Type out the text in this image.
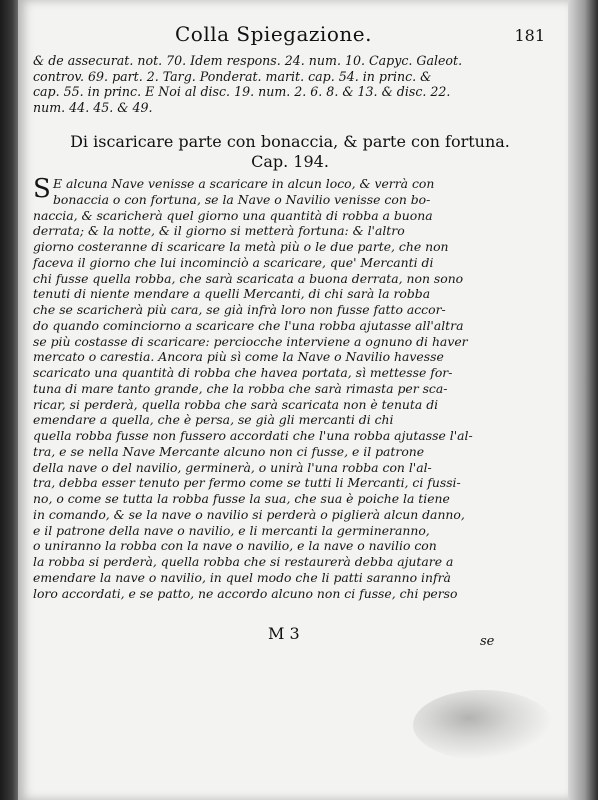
Colla Spiegazione.	181
& de assecurat. not. 70. Idem respons. 24. num. 10. Capyc. Galeot.
controv. 69. part. 2. Targ. Ponderat. marit. cap. 54. in princ. &
cap. 55. in princ. E Noi al disc. 19. num. 2. 6. 8. & 13. & disc. 22.
num. 44. 45. & 49.
Di iscaricare parte con bonaccia, & parte con fortuna.
Cap. 194.
S E alcuna Nave venisse a scaricare in alcun loco, & verrà con
bonaccia o con fortuna, se la Nave o Navilio venisse con bo-
naccia, & scaricherà quel giorno una quantità di robba a buona
derrata; & la notte, & il giorno si metterà fortuna: & l'altro
giorno costeranne di scaricare la metà più o le due parte, che non
faceva il giorno che lui incominciò a scaricare, que' Mercanti di
chi fusse quella robba, che sarà scaricata a buona derrata, non sono
tenuti di niente mendare a quelli Mercanti, di chi sarà la robba
che se scaricherà più cara, se già infrà loro non fusse fatto accor-
do quando cominciorno a scaricare che l'una robba ajutasse all'altra
se più costasse di scaricare: perciocche interviene a ognuno di haver
mercato o carestia. Ancora più sì come la Nave o Navilio havesse
scaricato una quantità di robba che havea portata, sì mettesse for-
tuna di mare tanto grande, che la robba che sarà rimasta per sca-
ricar, si perderà, quella robba che sarà scaricata non è tenuta di
emendare a quella, che è persa, se già gli mercanti di chi
quella robba fusse non fussero accordati che l'una robba ajutasse l'al-
tra, e se nella Nave Mercante alcuno non ci fusse, e il patrone
della nave o del navilio, germinerà, o unirà l'una robba con l'al-
tra, debba esser tenuto per fermo come se tutti li Mercanti, ci fussi-
no, o come se tutta la robba fusse la sua, che sua è poiche la tiene
in comando, & se la nave o navilio si perderà o piglierà alcun danno,
e il patrone della nave o navilio, e li mercanti la germineranno,
o uniranno la robba con la nave o navilio, e la nave o navilio con
la robba si perderà, quella robba che si restaurerà debba ajutare a
emendare la nave o navilio, in quel modo che li patti saranno infrà
loro accordati, e se patto, ne accordo alcuno non ci fusse, chi perso
M 3	se
